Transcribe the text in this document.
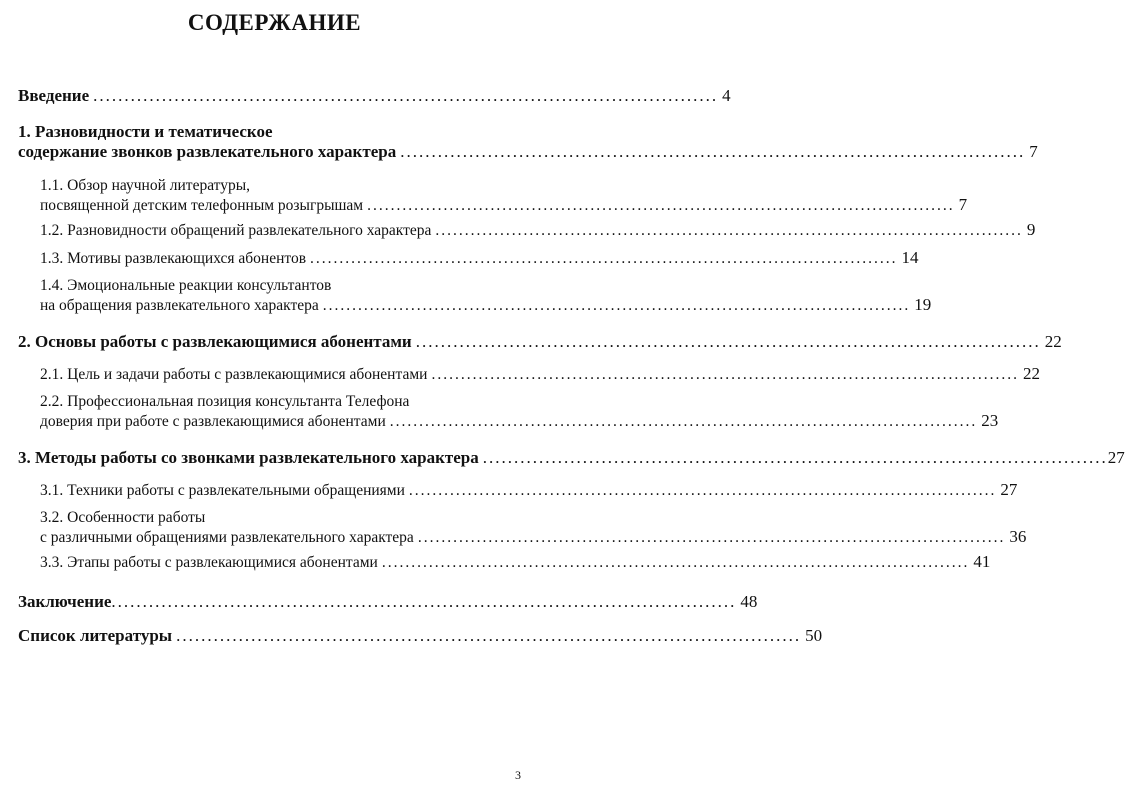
СОДЕРЖАНИЕ
Введение .................................................................................................... 4
1. Разновидности и тематическое
содержание звонков развлекательного характера .................................................................................................... 7
1.1. Обзор научной литературы,
посвященной детским телефонным розыгрышам .................................................................................................... 7
1.2. Разновидности обращений развлекательного характера .................................................................................................... 9
1.3. Мотивы развлекающихся абонентов .................................................................................................... 14
1.4. Эмоциональные реакции консультантов
на обращения развлекательного характера .................................................................................................... 19
2. Основы работы с развлекающимися абонентами .................................................................................................... 22
2.1. Цель и задачи работы с развлекающимися абонентами .................................................................................................... 22
2.2. Профессиональная позиция консультанта Телефона
доверия при работе с развлекающимися абонентами .................................................................................................... 23
3. Методы работы со звонками развлекательного характера .................................................................................................... 27
3.1. Техники работы с развлекательными обращениями .................................................................................................... 27
3.2. Особенности работы
с различными обращениями развлекательного характера .................................................................................................... 36
3.3. Этапы работы с развлекающимися абонентами .................................................................................................... 41
Заключение .................................................................................................... 48
Список литературы .................................................................................................... 50
3
